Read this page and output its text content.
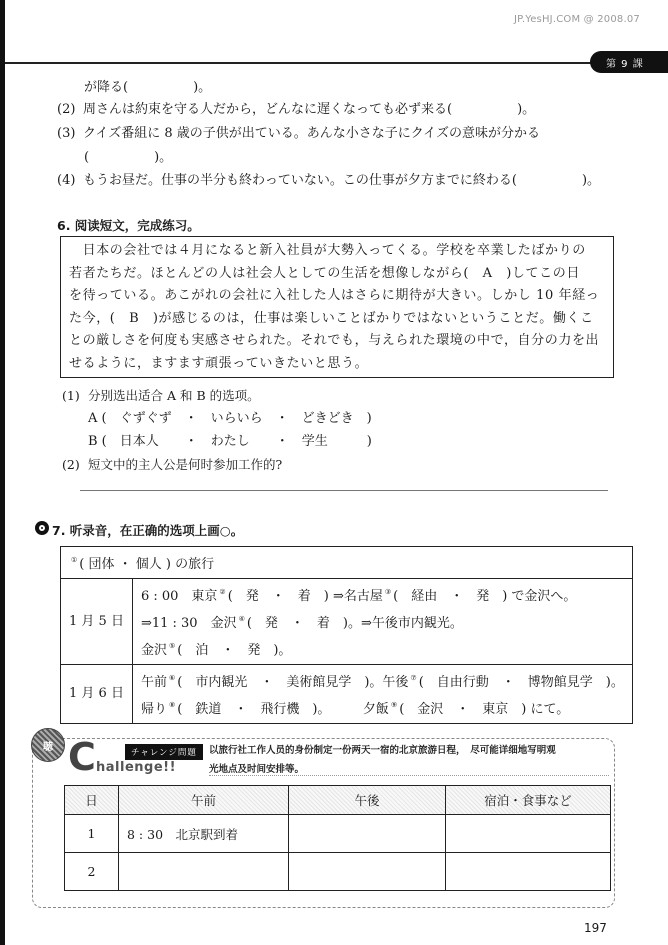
JP.YesHJ.COM @ 2008.07
第 9 課
が降る(　　　　　)。
(2) 周さんは約束を守る人だから，どんなに遅くなっても必ず来る(　　　　　)。
(3) クイズ番組に 8 歳の子供が出ている。あんな小さな子にクイズの意味が分かる
(　　　　　)。
(4) もうお昼だ。仕事の半分も終わっていない。この仕事が夕方までに終わる(　　　　　)。
6. 阅读短文，完成练习。

　日本の会社では４月になると新入社員が大勢入ってくる。学校を卒業したばかりの

若者たちだ。ほとんどの人は社会人としての生活を想像しながら(　A　)してこの日

を待っている。あこがれの会社に入社した人はさらに期待が大きい。しかし 10 年経っ

た今，(　B　)が感じるのは，仕事は楽しいことばかりではないということだ。働くこ

との厳しさを何度も実感させられた。それでも，与えられた環境の中で，自分の力を出

せるように，ますます頑張っていきたいと思う。

(1) 分别选出适合 A 和 B 的选项。
A (　ぐずぐず　・　いらいら　・　どきどき　)
B (　日本人　　・　わたし　　・　学生　　　)
(2) 短文中的主人公是何时参加工作的?
7. 听录音，在正确的选项上画○。
① ( 団体 ・ 個人 ) の旅行	
1 月 5 日	6 : 00　東京 ② (　発　・　着　) ⇒名古屋 ③ (　経由　・　発　) で金沢へ。
⇒11 : 30　金沢 ④ (　発　・　着　)。⇒午後市内観光。
金沢 ⑤ (　泊　・　発　)。

1 月 6 日	午前 ⑥ (　市内観光　・　美術館見学　)。午後 ⑦ (　自由行動　・　博物館見学　)。
帰り ⑧ (　鉄道　・　飛行機　)。　　　夕飯 ⑨ (　金沢　・　東京　) にて。
聴 C hallenge!!
チャレンジ問題	以旅行社工作人员的身份制定一份两天一宿的北京旅游日程，　尽可能详细地写明观
光地点及时间安排等。
日	午前	午後	宿泊・食事など
1	8 : 30　北京駅到着		
2			
197
